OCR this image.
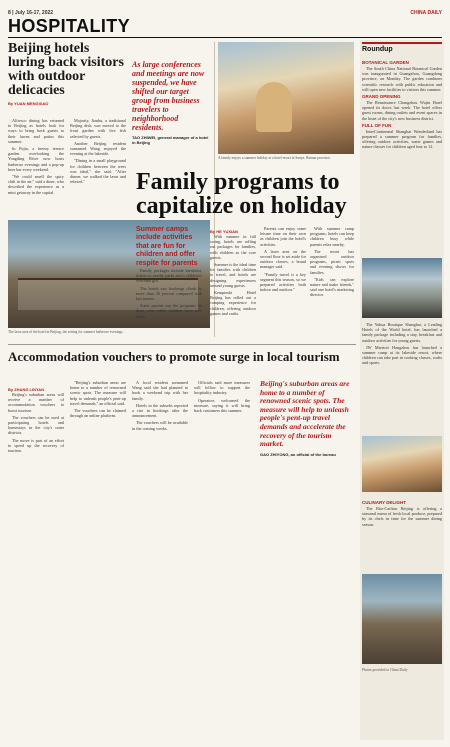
8 | July 16-17, 2022
HOSPITALITY
CHINA DAILY
Beijing hotels luring back visitors with outdoor delicacies
By YUAN MENGXIAO

Alfresco dining has returned to Beijing as hotels look for ways to bring back guests to their lawns and patios this summer.

In Fujia, a breezy terrace garden overlooking the Yongding River now hosts barbecue evenings and a pop-up beer bar every weekend.

"We could smell the spicy chili in the air," said a diner, who described the experience as a mini getaway in the capital.

Majority, Jianhu, a traditional Beijing dish, was moved to the front garden with live fish selected by guests.

Another Beijing resident surnamed Wang enjoyed the evening at the lakeside.

"Dining in a small playground for children between the trees was ideal," she said. "After dinner, we walked the lawn and relaxed."

As large conferences and meetings are now suspended, we have shifted our target group from business travelers to neighborhood residents.
TAO ZHIWEI, general manager of a hotel in Beijing
The lawn area of the hotel in Beijing, the setting for summer barbecue evenings.
A family enjoys a summer holiday at a hotel resort in Sanya, Hainan province.
Family programs to capitalize on holiday
Summer camps include activities that are fun for children and offer respite for parents
By HE YUXIAN

With summer in full swing, hotels are rolling out packages for families, with children as the core guests.

Summer is the ideal time for families with children to travel, and hotels are designing experiences around young guests.

Kempinski Hotel Beijing has rolled out a camping experience for children, offering outdoor games and crafts.

Parents can enjoy some leisure time on their own as children join the hotel's activities.

A lawn area on the second floor is set aside for outdoor classes, a brand manager said.

"Family travel is a key segment this season, so we prepared activities both indoor and outdoor."

With summer camp programs, hotels can keep children busy while parents relax nearby.

The resort has organized outdoor programs, picnic spots and evening shows for families.

"Kids can explore nature and make friends," said one hotel's marketing director.

Family packages include breakfast, tickets to nearby parks and a children's welcome gift.

The hotels saw bookings climb by more than 30 percent compared with last month.

Some parents say the programs let them relax while children learn new skills.

Accommodation vouchers to promote surge in local tourism
By ZHANG LINYAN

Beijing's suburban areas will receive a number of accommodation vouchers to boost tourism.

The vouchers can be used at participating hotels and homestays in the city's outer districts.

The move is part of an effort to speed up the recovery of tourism.

"Beijing's suburban areas are home to a number of renowned scenic spots. The measure will help to unleash people's pent-up travel demands," an official said.

The vouchers can be claimed through an online platform.

A local resident surnamed Wang said she had planned to book a weekend trip with her family.

Hotels in the suburbs reported a rise in bookings after the announcement.

The vouchers will be available in the coming weeks.

Officials said more measures will follow to support the hospitality industry.

Operators welcomed the measure, saying it will bring back customers this summer.

Beijing's suburban areas are home to a number of renowned scenic spots. The measure will help to unleash people's pent-up travel demands and accelerate the recovery of the tourism market.
GAO ZHIYONG, an official of the bureau
Roundup
BOTANICAL GARDEN

The South China National Botanical Garden was inaugurated in Guangzhou, Guangdong province, on Monday. The garden combines scientific research with public education and will open new facilities to visitors this summer.

GRAND OPENING

The Renaissance Changzhou Wujin Hotel opened its doors last week. The hotel offers guest rooms, dining outlets and event spaces in the heart of the city's new business district.

FULL OF FUN

InterContinental Shanghai Wonderland has prepared a summer program for families, offering outdoor activities, water games and nature classes for children aged four to 12.

The Yuhua Boutique Shanghai, a Leading Hotels of the World hotel, has launched a family package including a stay, breakfast and outdoor activities for young guests.

JW Marriott Hangzhou has launched a summer camp at its lakeside resort, where children can take part in cooking classes, crafts and sports.

CULINARY DELIGHT

The Ritz-Carlton Beijing is offering a seasonal menu of fresh local produce, prepared by its chefs in time for the summer dining season.

Photos provided to China Daily
